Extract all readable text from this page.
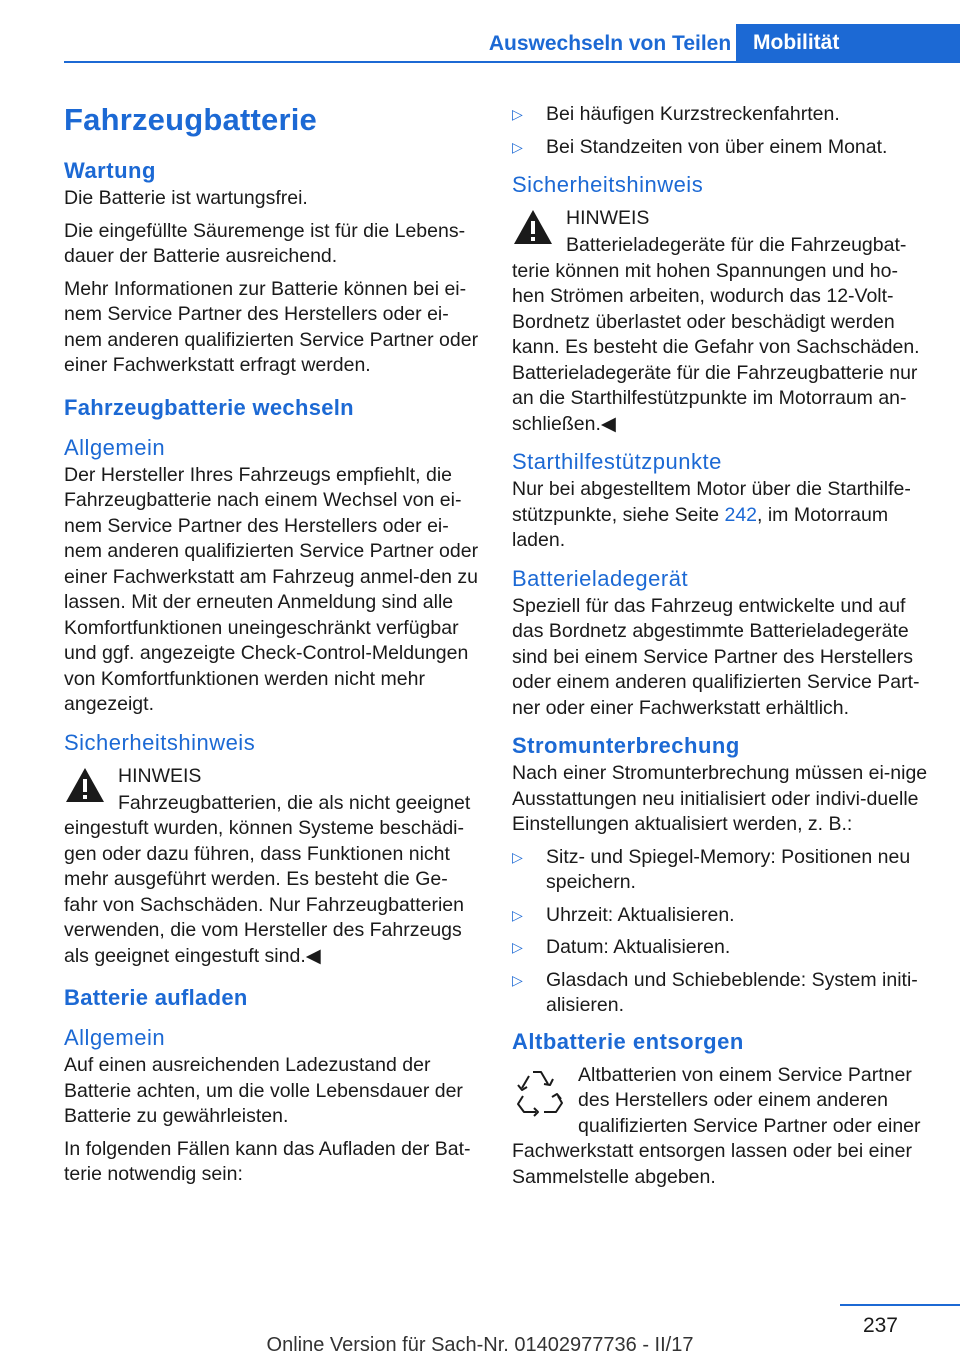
Auswechseln von Teilen	Mobilität
Fahrzeugbatterie
Wartung

Die Batterie ist wartungsfrei.

Die eingefüllte Säuremenge ist für die Lebens‐dauer der Batterie ausreichend.

Mehr Informationen zur Batterie können bei ei‐nem Service Partner des Herstellers oder ei‐nem anderen qualifizierten Service Partner oder einer Fachwerkstatt erfragt werden.

Fahrzeugbatterie wechseln
Allgemein

Der Hersteller Ihres Fahrzeugs empfiehlt, die Fahrzeugbatterie nach einem Wechsel von ei‐nem Service Partner des Herstellers oder ei‐nem anderen qualifizierten Service Partner oder einer Fachwerkstatt am Fahrzeug anmel‐den zu lassen. Mit der erneuten Anmeldung sind alle Komfortfunktionen uneingeschränkt verfügbar und ggf. angezeigte Check-Control-Meldungen von Komfortfunktionen werden nicht mehr angezeigt.

Sicherheitshinweis
HINWEIS
Fahrzeugbatterien, die als nicht geeignet eingestuft wurden, können Systeme beschädi‐gen oder dazu führen, dass Funktionen nicht mehr ausgeführt werden. Es besteht die Ge‐fahr von Sachschäden. Nur Fahrzeugbatterien verwenden, die vom Hersteller des Fahrzeugs als geeignet eingestuft sind.◀
Batterie aufladen
Allgemein

Auf einen ausreichenden Ladezustand der Batterie achten, um die volle Lebensdauer der Batterie zu gewährleisten.

In folgenden Fällen kann das Aufladen der Bat‐terie notwendig sein:

▷ Bei häufigen Kurzstreckenfahrten.
▷ Bei Standzeiten von über einem Monat.
Sicherheitshinweis
HINWEIS
Batterieladegeräte für die Fahrzeugbat‐terie können mit hohen Spannungen und ho‐hen Strömen arbeiten, wodurch das 12-Volt-Bordnetz überlastet oder beschädigt werden kann. Es besteht die Gefahr von Sachschäden. Batterieladegeräte für die Fahrzeugbatterie nur an die Starthilfestützpunkte im Motorraum an‐schließen.◀
Starthilfestützpunkte

Nur bei abgestelltem Motor über die Starthilfe‐stützpunkte, siehe Seite 242, im Motorraum laden.

Batterieladegerät

Speziell für das Fahrzeug entwickelte und auf das Bordnetz abgestimmte Batterieladegeräte sind bei einem Service Partner des Herstellers oder einem anderen qualifizierten Service Part‐ner oder einer Fachwerkstatt erhältlich.

Stromunterbrechung

Nach einer Stromunterbrechung müssen ei‐nige Ausstattungen neu initialisiert oder indivi‐duelle Einstellungen aktualisiert werden, z. B.:

▷ Sitz- und Spiegel-Memory: Positionen neu speichern.
▷ Uhrzeit: Aktualisieren.
▷ Datum: Aktualisieren.
▷ Glasdach und Schiebeblende: System initi‐alisieren.
Altbatterie entsorgen

Altbatterien von einem Service Partner des Herstellers oder einem anderen qualifizierten Service Partner oder einer Fachwerkstatt entsorgen lassen oder bei einer Sammelstelle abgeben.

237
Online Version für Sach-Nr. 01402977736 - II/17
